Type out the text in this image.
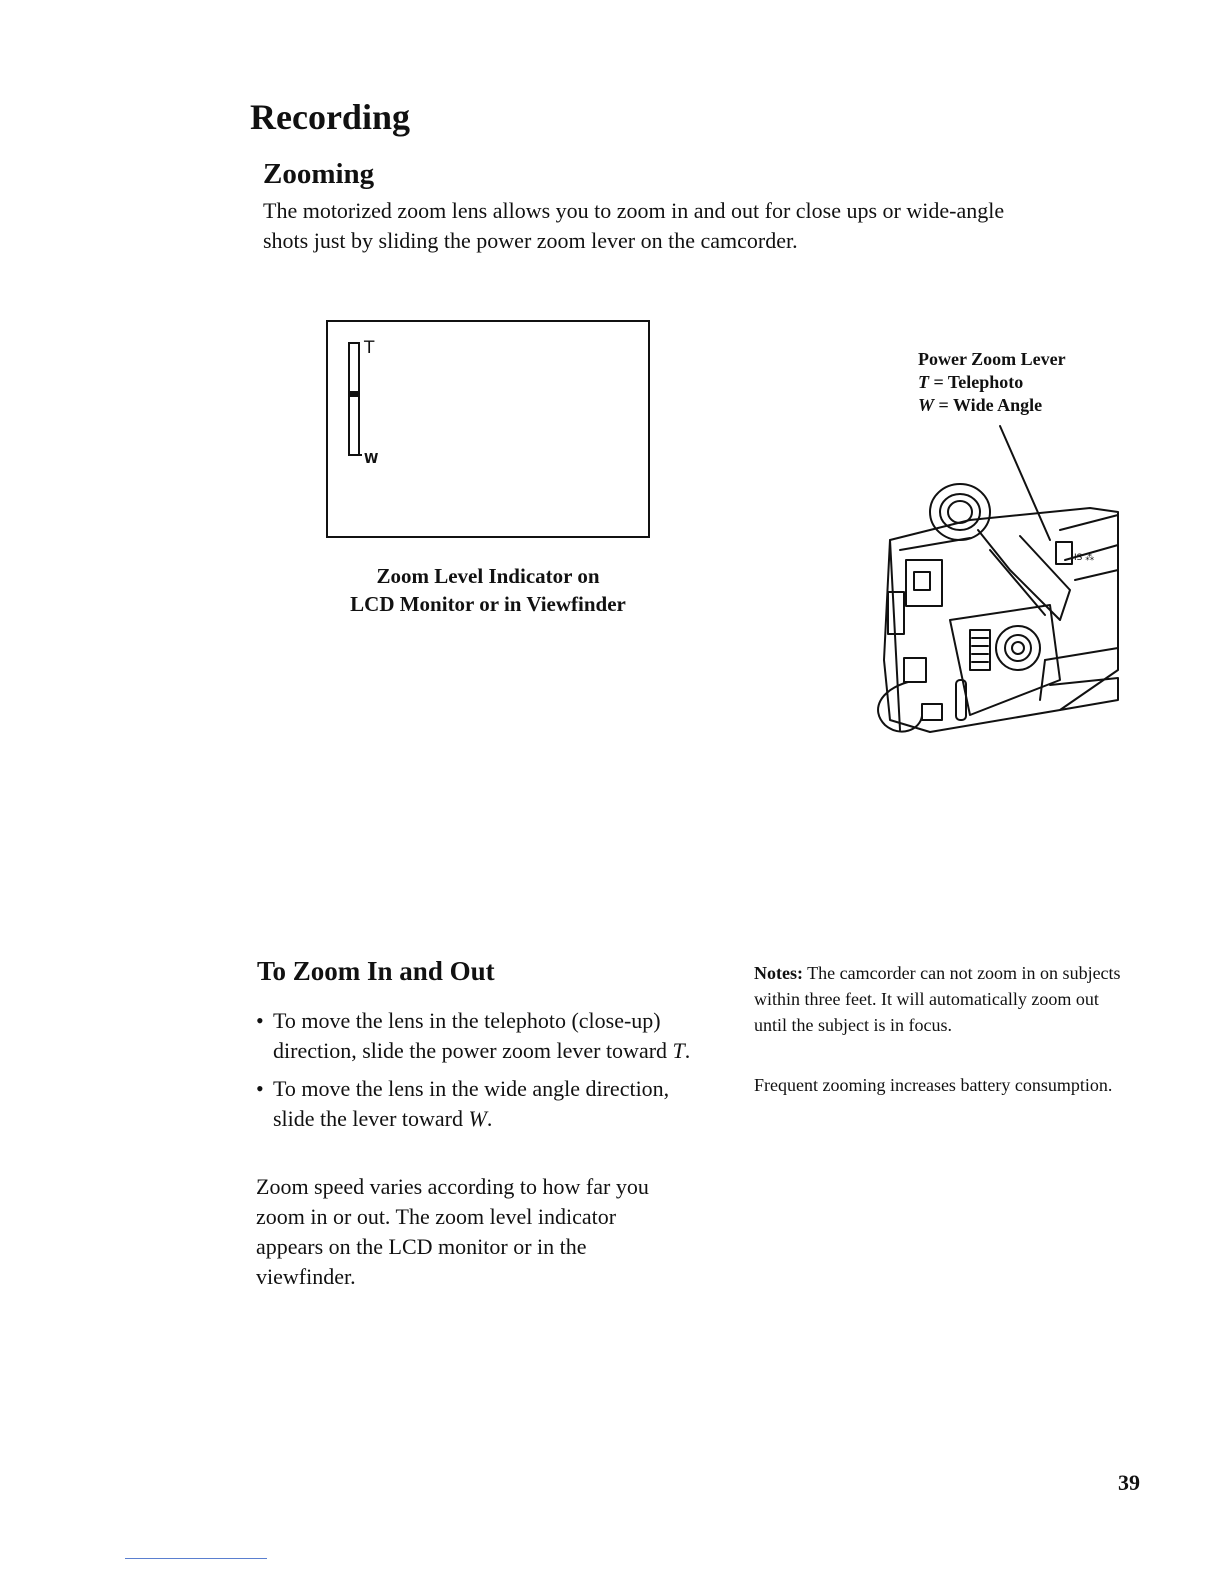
Recording
Zooming

The motorized zoom lens allows you to zoom in and out for close ups or wide-angle shots just by sliding the power zoom lever on the camcorder.

T
W
Zoom Level Indicator on
LCD Monitor or in Viewfinder
Power Zoom Lever
T = Telephoto
W = Wide Angle
IS ⁂
To Zoom In and Out
• To move the lens in the telephoto (close-up) direction, slide the power zoom lever toward T.
• To move the lens in the wide angle direction, slide the lever toward W.

Zoom speed varies according to how far you zoom in or out. The zoom level indicator appears on the LCD monitor or in the viewfinder.

Notes: The camcorder can not zoom in on subjects within three feet. It will automatically zoom out until the subject is in focus.

Frequent zooming increases battery consumption.

39
